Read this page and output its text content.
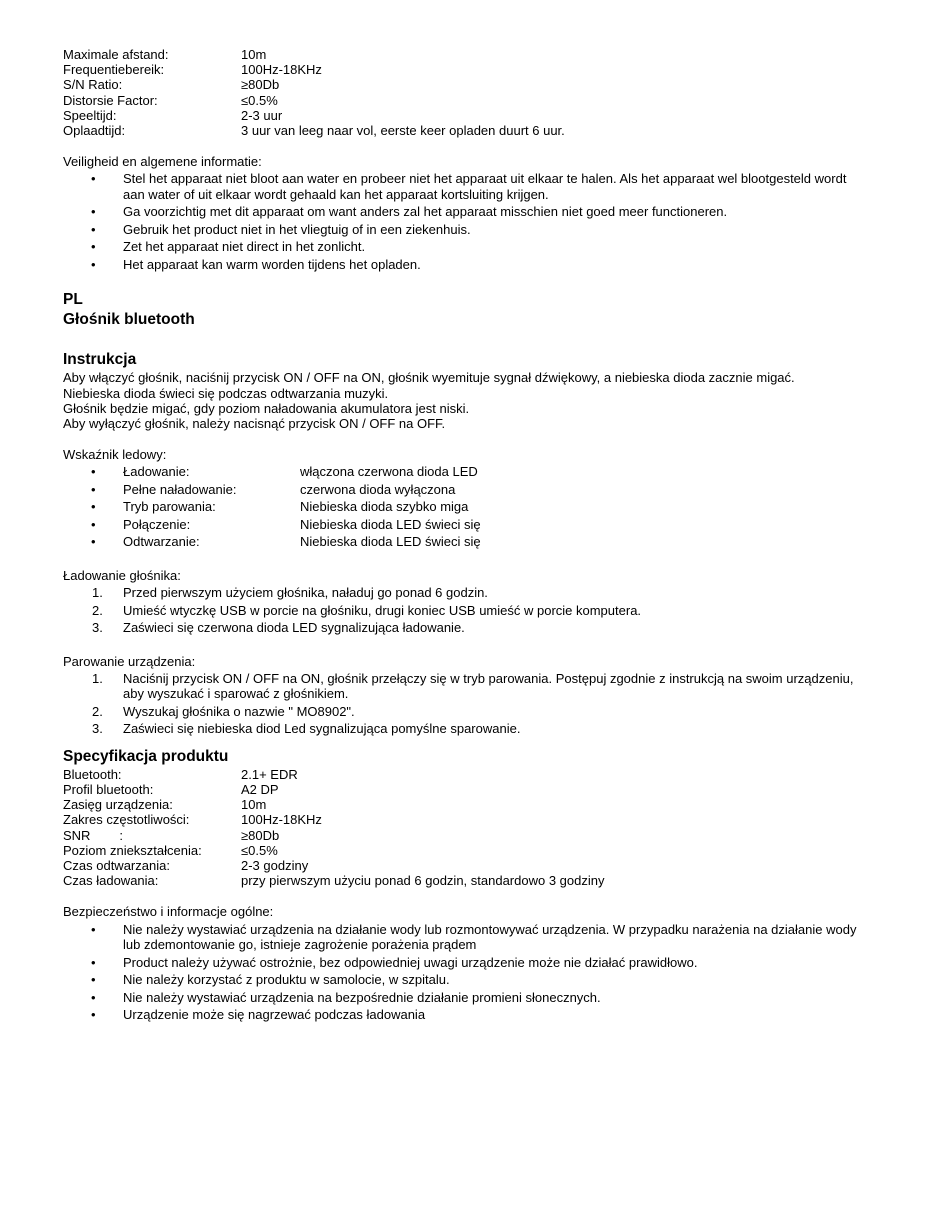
Maximale afstand:	10m
Frequentiebereik:	100Hz-18KHz
S/N Ratio:	≥80Db
Distorsie Factor:	≤0.5%
Speeltijd:	2-3 uur
Oplaadtijd:	3 uur van leeg naar vol, eerste keer opladen duurt 6 uur.
Veiligheid en algemene informatie:
• Stel het apparaat niet bloot aan water en probeer niet het apparaat uit elkaar te halen. Als het apparaat wel blootgesteld wordt aan water of uit elkaar wordt gehaald kan het apparaat kortsluiting krijgen.
• Ga voorzichtig met dit apparaat om want anders zal het apparaat misschien niet goed meer functioneren.
• Gebruik het product niet in het vliegtuig of in een ziekenhuis.
• Zet het apparaat niet direct in het zonlicht.
• Het apparaat kan warm worden tijdens het opladen.
PL
Głośnik bluetooth
Instrukcja
Aby włączyć głośnik, naciśnij przycisk ON / OFF na ON, głośnik wyemituje sygnał dźwiękowy, a niebieska dioda zacznie migać.
Niebieska dioda świeci się podczas odtwarzania muzyki.
Głośnik będzie migać, gdy poziom naładowania akumulatora jest niski.
Aby wyłączyć głośnik, należy nacisnąć przycisk ON / OFF na OFF.
Wskaźnik ledowy:
• Ładowanie:	włączona czerwona dioda LED
• Pełne naładowanie:	czerwona dioda wyłączona
• Tryb parowania:	Niebieska dioda szybko miga
• Połączenie:	Niebieska dioda LED świeci się
• Odtwarzanie:	Niebieska dioda LED świeci się
Ładowanie głośnika:
1. Przed pierwszym użyciem głośnika, naładuj go ponad 6 godzin.
2. Umieść wtyczkę USB w porcie na głośniku, drugi koniec USB umieść w porcie komputera.
3. Zaświeci się czerwona dioda LED sygnalizująca ładowanie.
Parowanie urządzenia:
1. Naciśnij przycisk ON / OFF na ON, głośnik przełączy się w tryb parowania. Postępuj zgodnie z instrukcją na swoim urządzeniu, aby wyszukać i sparować z głośnikiem.
2. Wyszukaj głośnika o nazwie " MO8902".
3. Zaświeci się niebieska diod Led sygnalizująca pomyślne sparowanie.
Specyfikacja produktu
Bluetooth:	2.1+ EDR
Profil bluetooth:	A2 DP
Zasięg urządzenia:	10m
Zakres częstotliwości:	100Hz-18KHz
SNR        :	≥80Db
Poziom zniekształcenia:	≤0.5%
Czas odtwarzania:	2-3 godziny
Czas ładowania:	przy pierwszym użyciu ponad 6 godzin, standardowo 3 godziny
Bezpieczeństwo i informacje ogólne:
• Nie należy wystawiać urządzenia na działanie wody lub rozmontowywać urządzenia. W przypadku narażenia na działanie wody lub zdemontowanie go, istnieje zagrożenie porażenia prądem
• Product należy używać ostrożnie, bez odpowiedniej uwagi urządzenie może nie działać prawidłowo.
• Nie należy korzystać z produktu w samolocie, w szpitalu.
• Nie należy wystawiać urządzenia na bezpośrednie działanie promieni słonecznych.
• Urządzenie może się nagrzewać podczas ładowania
